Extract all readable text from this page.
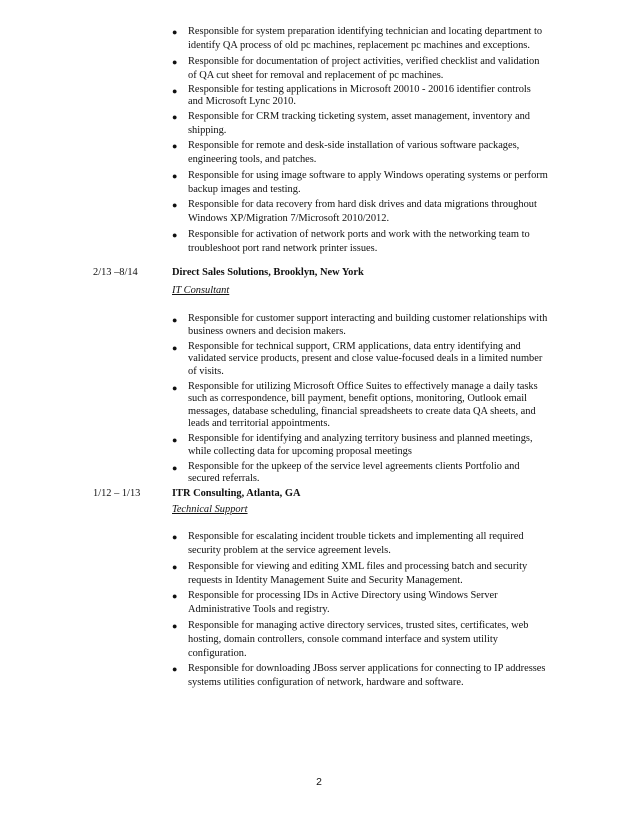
● Responsible for system preparation identifying technician and locating department to identify QA process of old pc machines, replacement pc machines and exceptions.
● Responsible for documentation of project activities, verified checklist and validation of QA cut sheet for removal and replacement of pc machines.
● Responsible for testing applications in Microsoft 20010 - 20016 identifier controls and Microsoft Lync 2010.
● Responsible for CRM tracking ticketing system, asset management, inventory and shipping.
● Responsible for remote and desk-side installation of various software packages, engineering tools, and patches.
● Responsible for using image software to apply Windows operating systems or perform backup images and testing.
● Responsible for data recovery from hard disk drives and data migrations throughout Windows XP/Migration 7/Microsoft 2010/2012.
● Responsible for activation of network ports and work with the networking team to troubleshoot port rand network printer issues.
2/13 –8/14	Direct Sales Solutions, Brooklyn, New York
IT Consultant
● Responsible for customer support interacting and building customer relationships with business owners and decision makers.
● Responsible for technical support, CRM applications, data entry identifying and validated service products, present and close value-focused deals in a limited number of visits.
● Responsible for utilizing Microsoft Office Suites to effectively manage a daily tasks such as correspondence, bill payment, benefit options, monitoring, Outlook email messages, database scheduling, financial spreadsheets to create data QA sheets, and leads and territorial appointments.
● Responsible for identifying and analyzing territory business and planned meetings, while collecting data for upcoming proposal meetings
● Responsible for the upkeep of the service level agreements clients Portfolio and secured referrals.
1/12 – 1/13	ITR Consulting, Atlanta, GA
Technical Support
● Responsible for escalating incident trouble tickets and implementing all required security problem at the service agreement levels.
● Responsible for viewing and editing XML files and processing batch and security requests in Identity Management Suite and Security Management.
● Responsible for processing IDs in Active Directory using Windows Server Administrative Tools and registry.
● Responsible for managing active directory services, trusted sites, certificates, web hosting, domain controllers, console command interface and system utility configuration.
● Responsible for downloading JBoss server applications for connecting to IP addresses systems utilities configuration of network, hardware and software.
2
